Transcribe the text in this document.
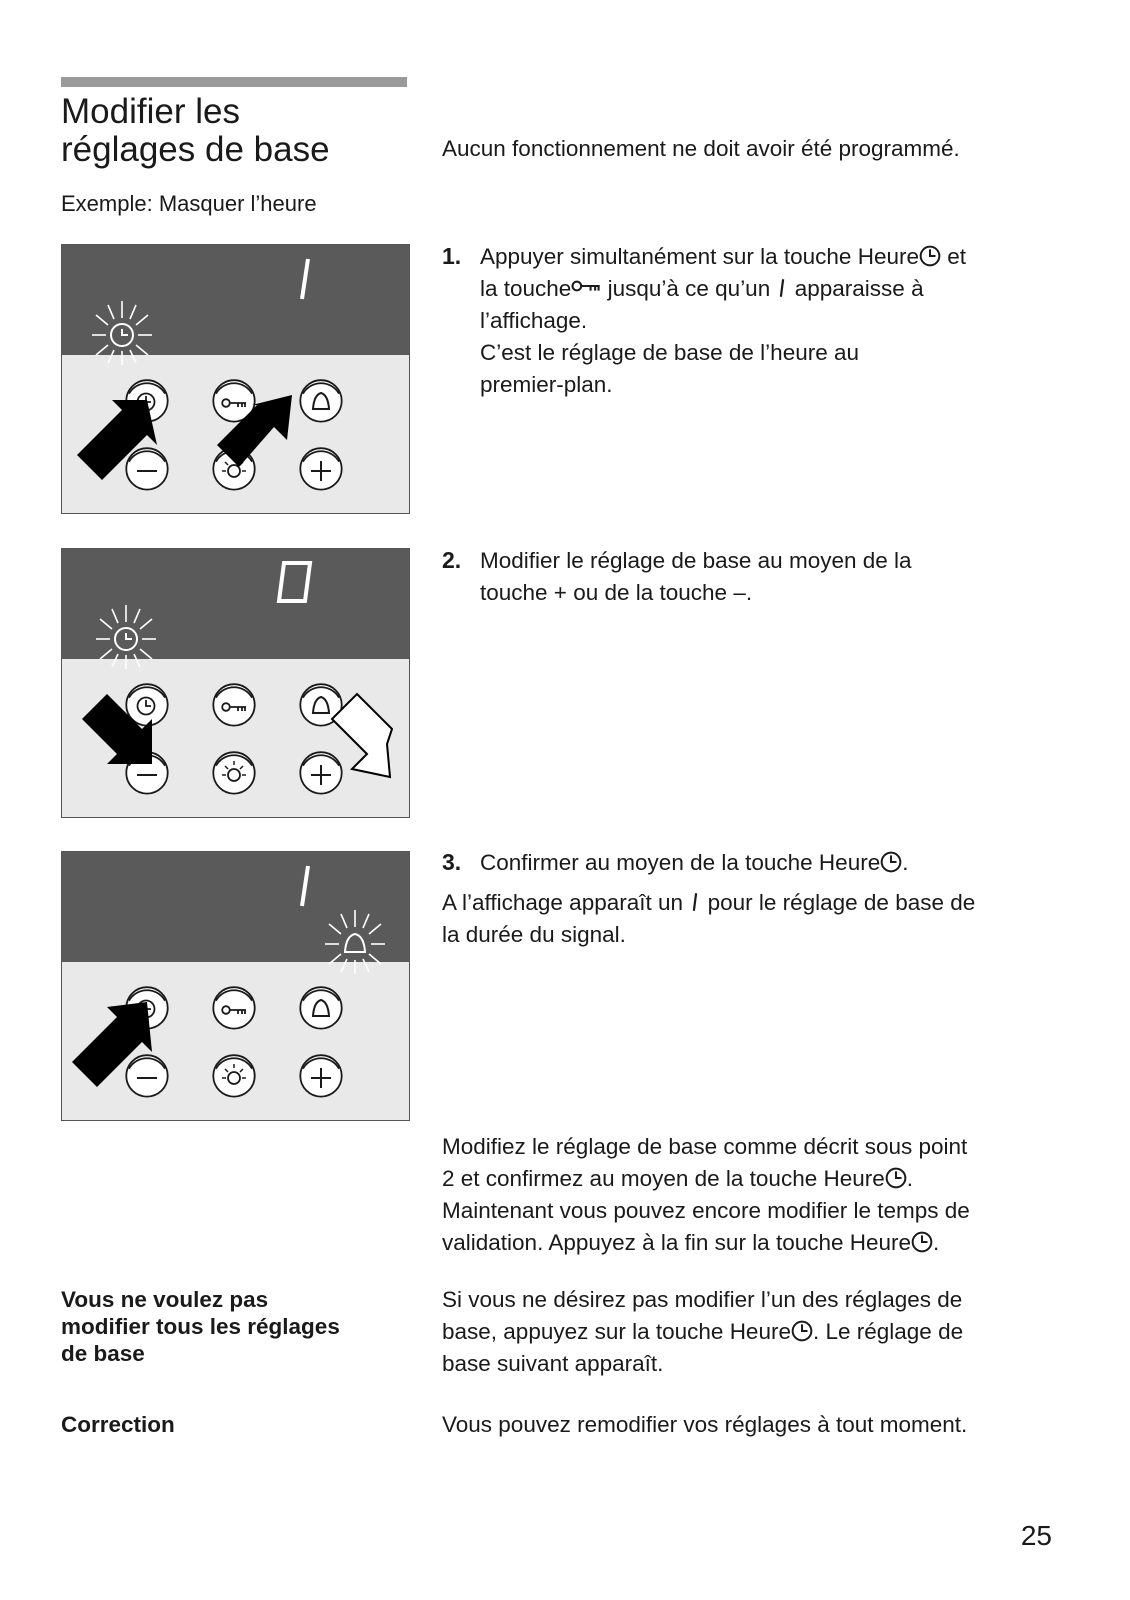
Modifier les
réglages de base
Exemple: Masquer l’heure
Aucun fonctionnement ne doit avoir été programmé.
1. Appuyer simultanément sur la touche Heure et
la touche jusqu’à ce qu’un apparaisse à
l’affichage.
C’est le réglage de base de l’heure au
premier-plan.
2. Modifier le réglage de base au moyen de la
touche + ou de la touche –.
3. Confirmer au moyen de la touche Heure .
A l’affichage apparaît un pour le réglage de base de
la durée du signal.
Modifiez le réglage de base comme décrit sous point
2 et confirmez au moyen de la touche Heure .
Maintenant vous pouvez encore modifier le temps de
validation. Appuyez à la fin sur la touche Heure .
Vous ne voulez pas
modifier tous les réglages
de base
Si vous ne désirez pas modifier l’un des réglages de
base, appuyez sur la touche Heure . Le réglage de
base suivant apparaît.
Correction	Vous pouvez remodifier vos réglages à tout moment.
25
